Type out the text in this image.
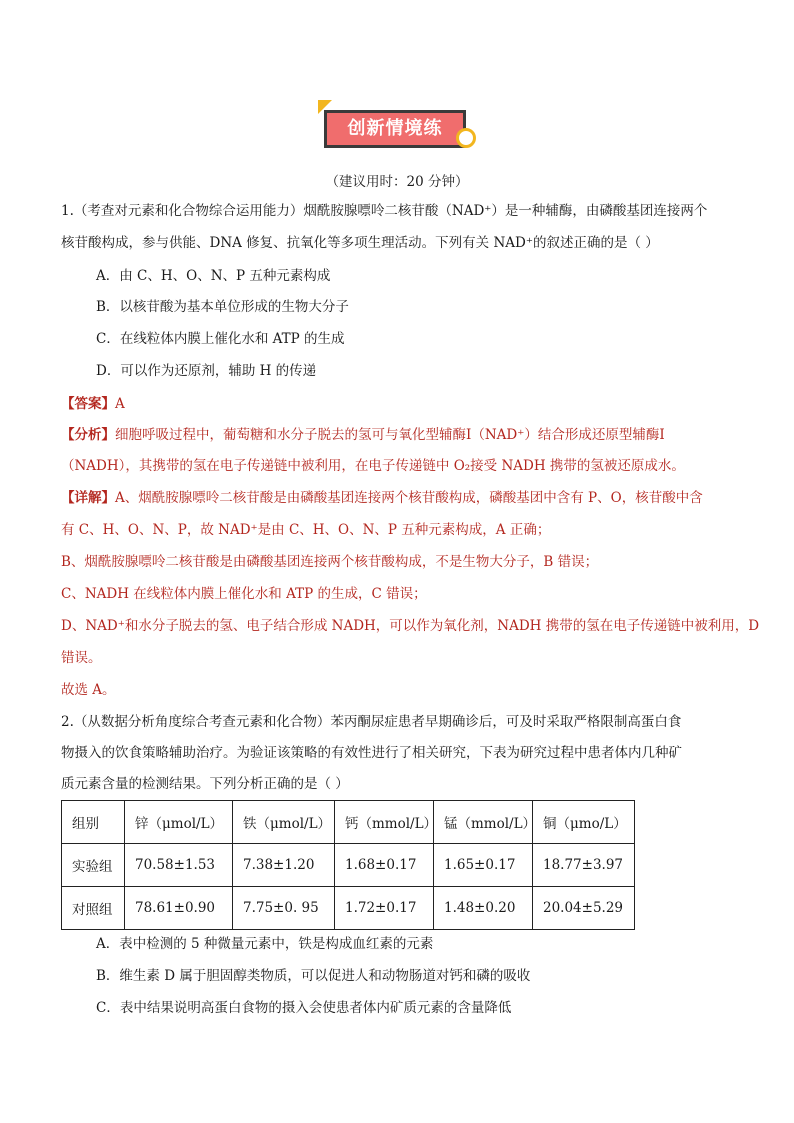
创新情境练
（建议用时：20 分钟）
1.（考查对元素和化合物综合运用能力）烟酰胺腺嘌呤二核苷酸（NAD⁺）是一种辅酶，由磷酸基团连接两个
核苷酸构成，参与供能、DNA 修复、抗氧化等多项生理活动。下列有关 NAD⁺的叙述正确的是（ ）
A．由 C、H、O、N、P 五种元素构成
B．以核苷酸为基本单位形成的生物大分子
C．在线粒体内膜上催化水和 ATP 的生成
D．可以作为还原剂，辅助 H 的传递
【答案】A
【分析】细胞呼吸过程中，葡萄糖和水分子脱去的氢可与氧化型辅酶Ⅰ（NAD⁺）结合形成还原型辅酶Ⅰ
（NADH），其携带的氢在电子传递链中被利用，在电子传递链中 O₂接受 NADH 携带的氢被还原成水。
【详解】A、烟酰胺腺嘌呤二核苷酸是由磷酸基团连接两个核苷酸构成，磷酸基团中含有 P、O，核苷酸中含
有 C、H、O、N、P，故 NAD⁺是由 C、H、O、N、P 五种元素构成，A 正确；
B、烟酰胺腺嘌呤二核苷酸是由磷酸基团连接两个核苷酸构成，不是生物大分子，B 错误；
C、NADH 在线粒体内膜上催化水和 ATP 的生成，C 错误；
D、NAD⁺和水分子脱去的氢、电子结合形成 NADH，可以作为氧化剂，NADH 携带的氢在电子传递链中被利用，D
错误。
故选 A。
2.（从数据分析角度综合考查元素和化合物）苯丙酮尿症患者早期确诊后，可及时采取严格限制高蛋白食
物摄入的饮食策略辅助治疗。为验证该策略的有效性进行了相关研究，下表为研究过程中患者体内几种矿
质元素含量的检测结果。下列分析正确的是（ ）
组别	锌（μmol/L）	铁（μmol/L）	钙（mmol/L）	锰（mmol/L）	铜（μmo/L）
实验组	70.58±1.53	7.38±1.20	1.68±0.17	1.65±0.17	18.77±3.97
对照组	78.61±0.90	7.75±0. 95	1.72±0.17	1.48±0.20	20.04±5.29
A．表中检测的 5 种微量元素中，铁是构成血红素的元素
B．维生素 D 属于胆固醇类物质，可以促进人和动物肠道对钙和磷的吸收
C．表中结果说明高蛋白食物的摄入会使患者体内矿质元素的含量降低
